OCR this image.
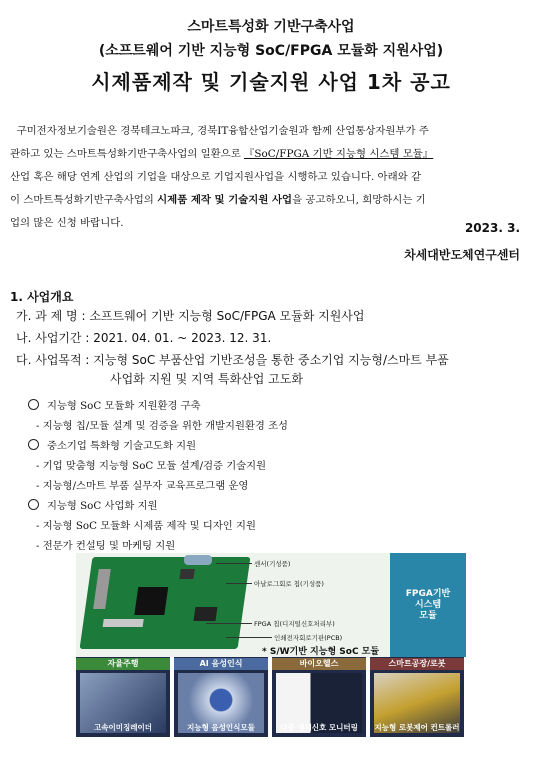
스마트특성화 기반구축사업
(소프트웨어 기반 지능형 SoC/FPGA 모듈화 지원사업)
시제품제작 및 기술지원 사업 1차 공고
구미전자정보기술원은 경북테크노파크, 경북IT융합산업기술원과 함께 산업통상자원부가 주
관하고 있는 스마트특성화기반구축사업의 일환으로 『SoC/FPGA 기반 지능형 시스템 모듈』
산업 혹은 해당 연계 산업의 기업을 대상으로 기업지원사업을 시행하고 있습니다. 아래와 같
이 스마트특성화기반구축사업의 시제품 제작 및 기술지원 사업을 공고하오니, 희망하시는 기
업의 많은 신청 바랍니다.	2023. 3.
차세대반도체연구센터
1. 사업개요
가. 과 제 명 : 소프트웨어 기반 지능형 SoC/FPGA 모듈화 지원사업
나. 사업기간 : 2021. 04. 01. ~ 2023. 12. 31.
다. 사업목적 : 지능형 SoC 부품산업 기반조성을 통한 중소기업 지능형/스마트 부품
사업화 지원 및 지역 특화산업 고도화
지능형 SoC 모듈화 지원환경 구축
- 지능형 칩/모듈 설계 및 검증을 위한 개발지원환경 조성
중소기업 특화형 기술고도화 지원
- 기업 맞춤형 지능형 SoC 모듈 설계/검증 기술지원
- 지능형/스마트 부품 실무자 교육프로그램 운영
지능형 SoC 사업화 지원
- 지능형 SoC 모듈화 시제품 제작 및 디자인 지원
- 전문가 컨설팅 및 마케팅 지원
센서(기성품)
아날로그회로 칩(기성품)
FPGA 칩(디지털신호처리부)
인쇄전자회로기판(PCB)
FPGA기반
시스템
모듈
* S/W기반 지능형 SoC 모듈
자율주행
고속이미징레이더
AI 음성인식
지능형 음성인식모듈
바이오헬스
다중 생체신호 모니터링
스마트공장/로봇
지능형 로봇제어 컨트롤러
